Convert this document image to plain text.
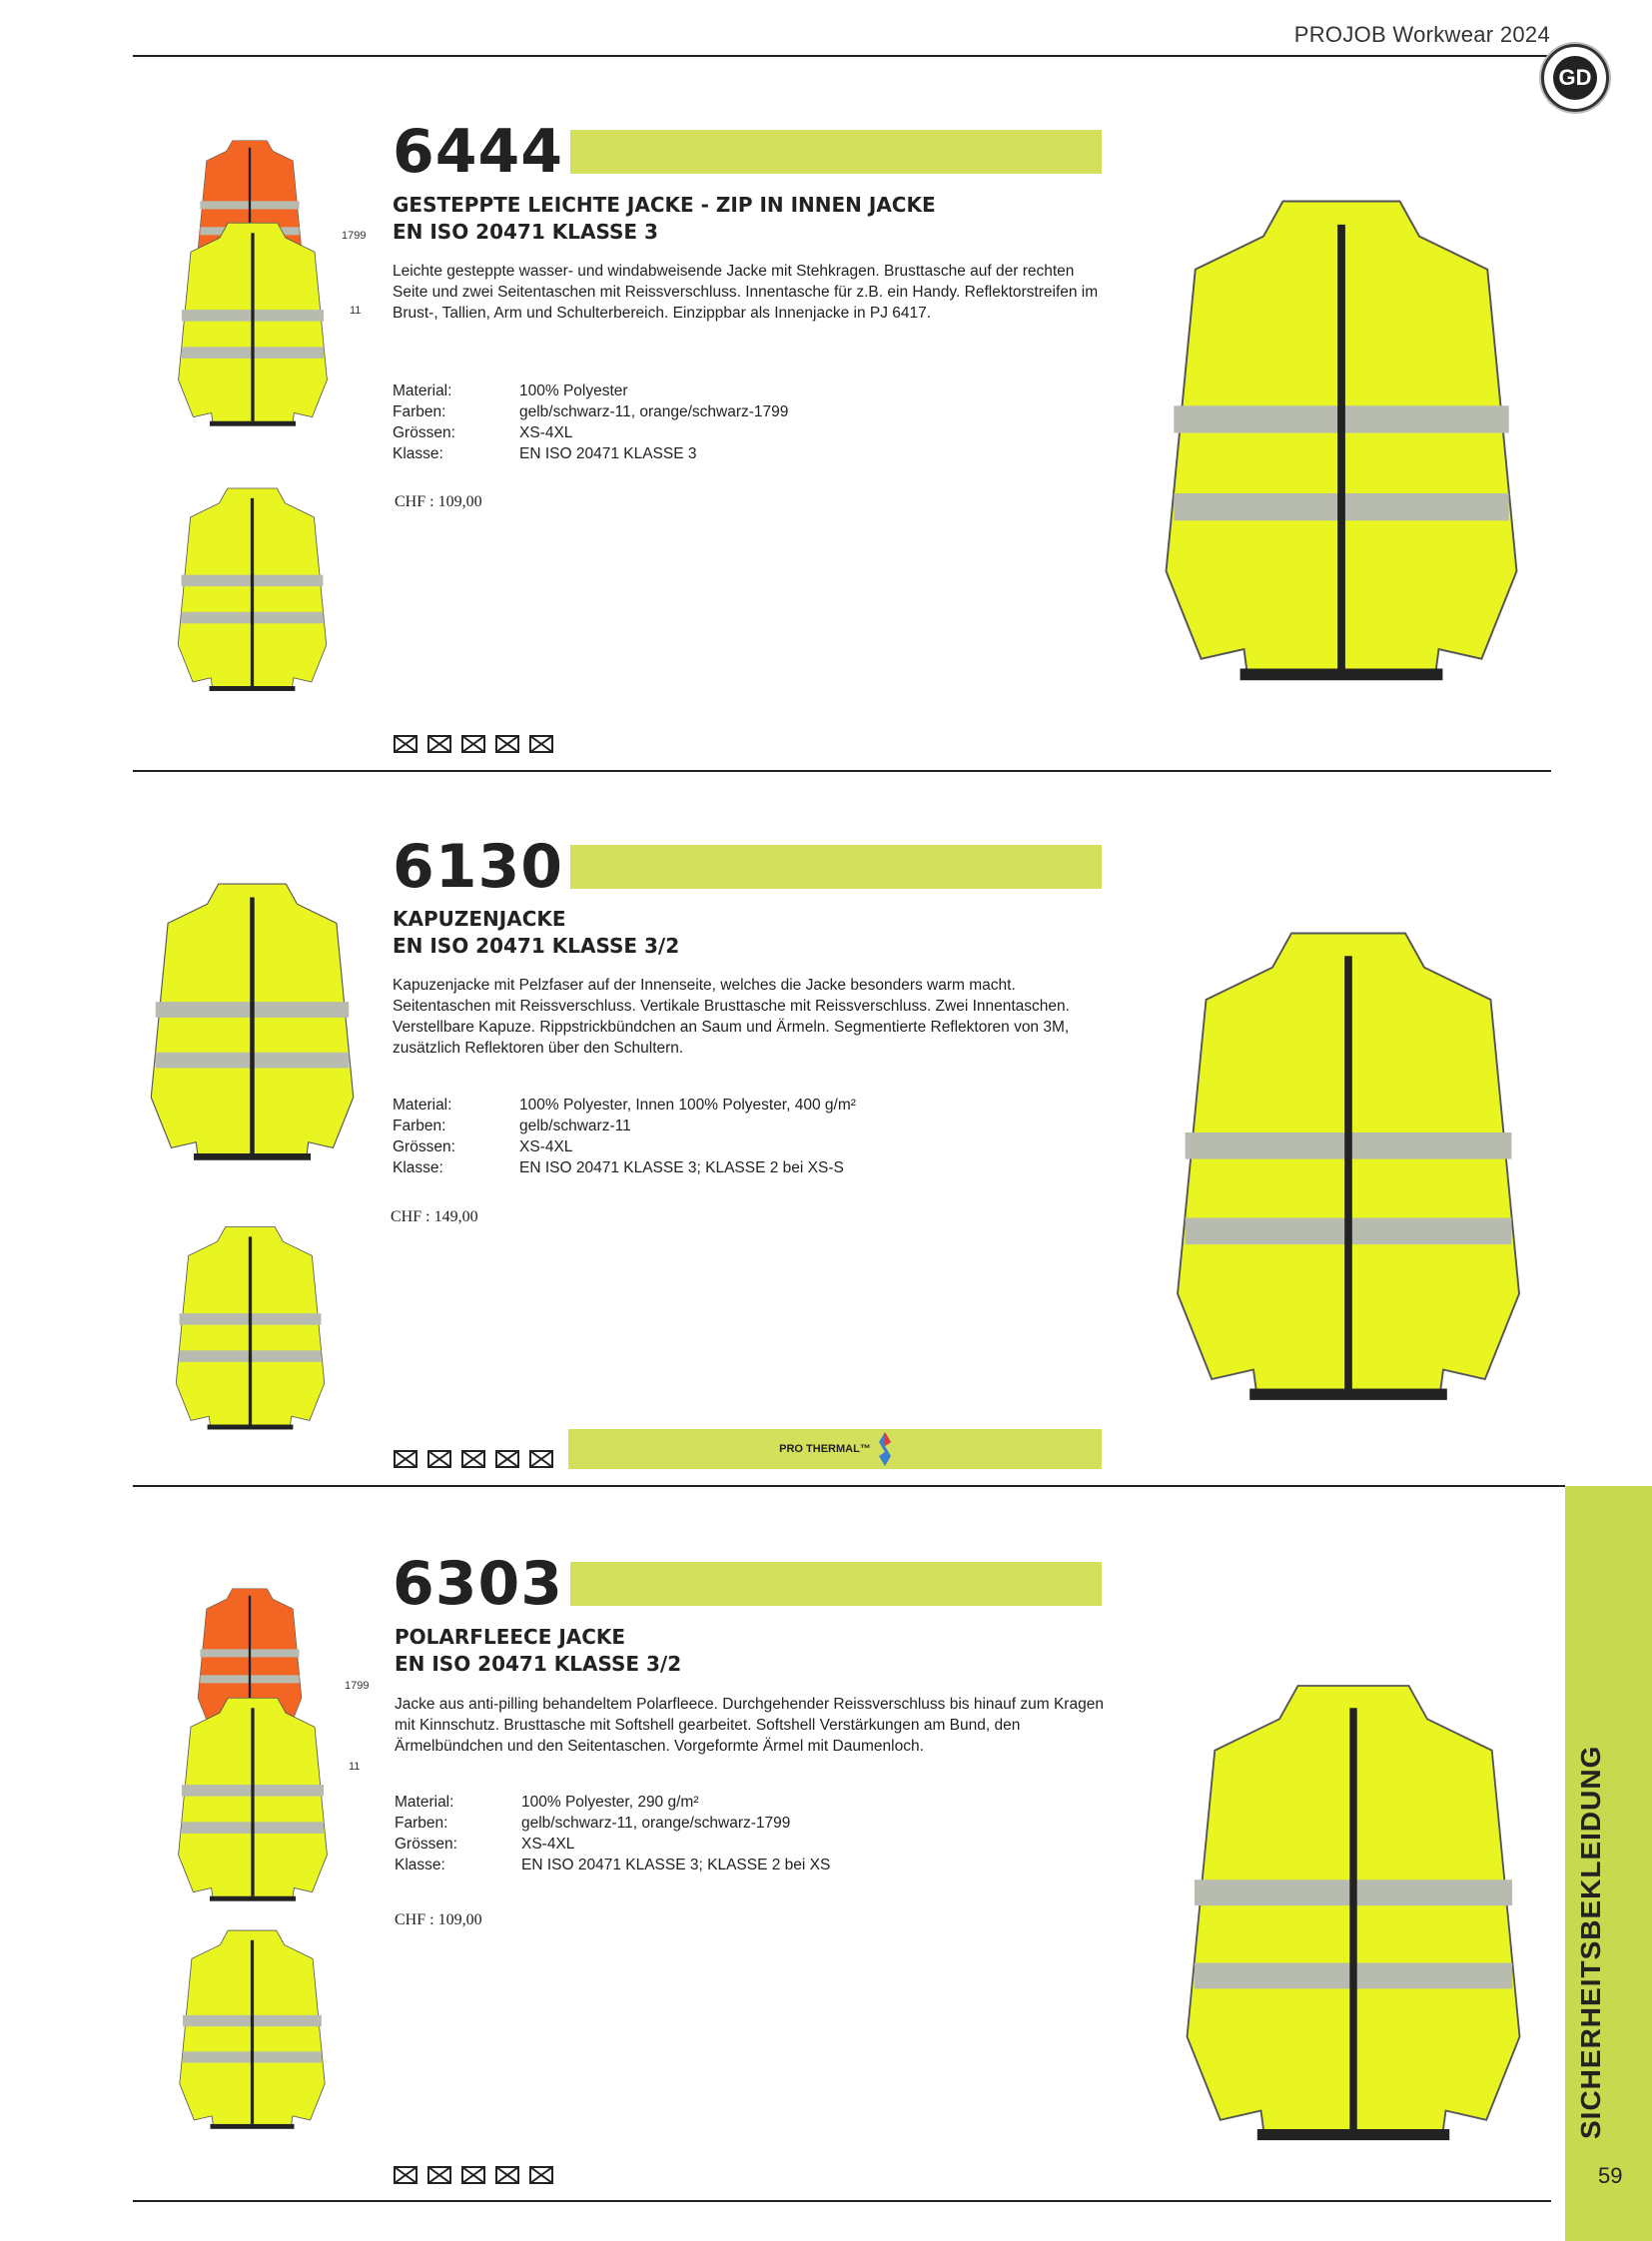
PROJOB Workwear 2024
GD
1799
11
6444
GESTEPPTE LEICHTE JACKE - ZIP IN INNEN JACKE
EN ISO 20471 KLASSE 3
Leichte gesteppte wasser- und windabweisende Jacke mit Stehkragen. Brusttasche auf der rechten Seite und zwei Seitentaschen mit Reissverschluss. Innentasche für z.B. ein Handy. Reflektorstreifen im Brust-, Tallien, Arm und Schulterbereich. Einzippbar als Innenjacke in PJ 6417.
Material:	100% Polyester
Farben:	gelb/schwarz-11, orange/schwarz-1799
Grössen:	XS-4XL
Klasse:	EN ISO 20471 KLASSE 3
CHF : 109,00
6130
KAPUZENJACKE
EN ISO 20471 KLASSE 3/2
Kapuzenjacke mit Pelzfaser auf der Innenseite, welches die Jacke besonders warm macht. Seitentaschen mit Reissverschluss. Vertikale Brusttasche mit Reissverschluss. Zwei Innentaschen. Verstellbare Kapuze. Rippstrickbündchen an Saum und Ärmeln. Segmentierte Reflektoren von 3M, zusätzlich Reflektoren über den Schultern.
Material:	100% Polyester, Innen 100% Polyester, 400 g/m²
Farben:	gelb/schwarz-11
Grössen:	XS-4XL
Klasse:	EN ISO 20471 KLASSE 3; KLASSE 2 bei XS-S
CHF : 149,00
PRO THERMAL™
SICHERHEITSBEKLEIDUNG
59
1799
11
6303
POLARFLEECE JACKE
EN ISO 20471 KLASSE 3/2
Jacke aus anti-pilling behandeltem Polarfleece. Durchgehender Reissverschluss bis hinauf zum Kragen mit Kinnschutz. Brusttasche mit Softshell gearbeitet. Softshell Verstärkungen am Bund, den Ärmelbündchen und den Seitentaschen. Vorgeformte Ärmel mit Daumenloch.
Material:	100% Polyester, 290 g/m²
Farben:	gelb/schwarz-11, orange/schwarz-1799
Grössen:	XS-4XL
Klasse:	EN ISO 20471 KLASSE 3; KLASSE 2 bei XS
CHF : 109,00
